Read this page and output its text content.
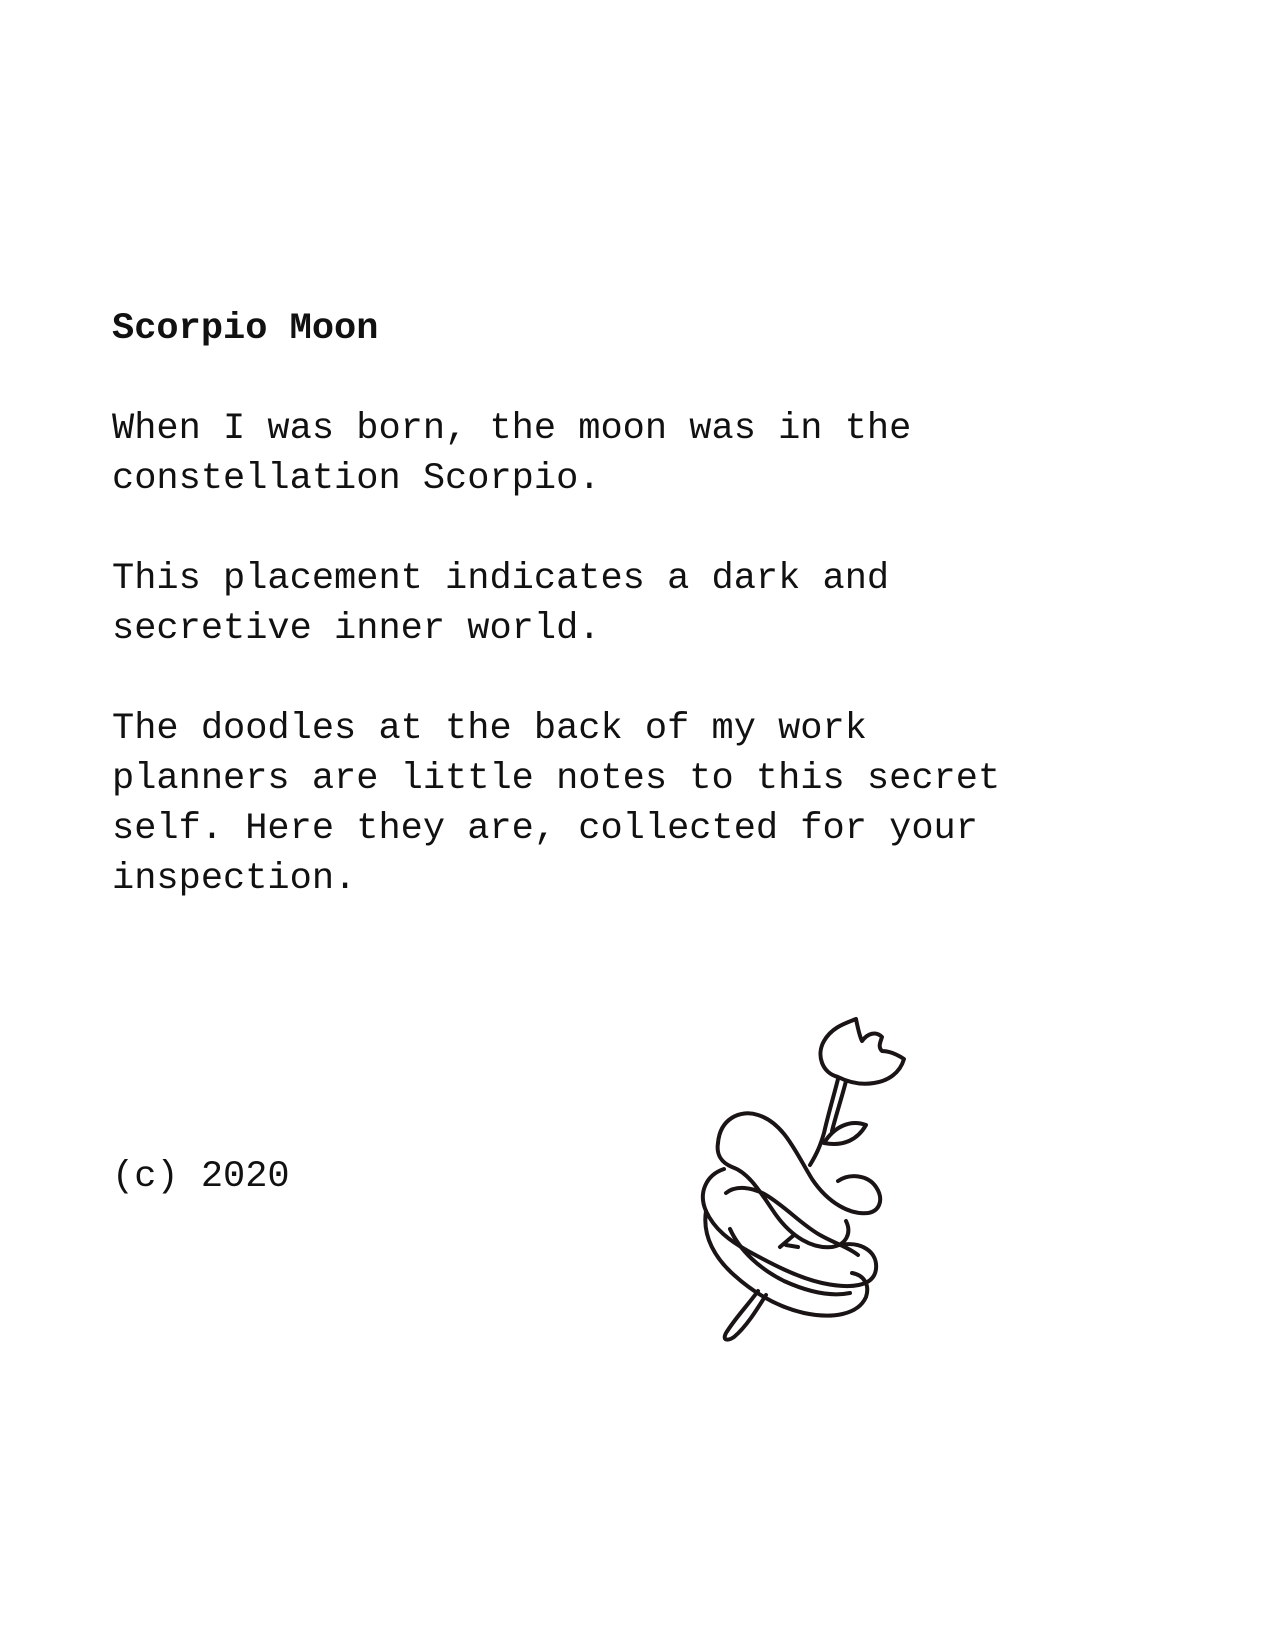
Scorpio Moon

When I was born, the moon was in the
constellation Scorpio.

This placement indicates a dark and
secretive inner world.

The doodles at the back of my work
planners are little notes to this secret
self. Here they are, collected for your
inspection.

(c) 2020
